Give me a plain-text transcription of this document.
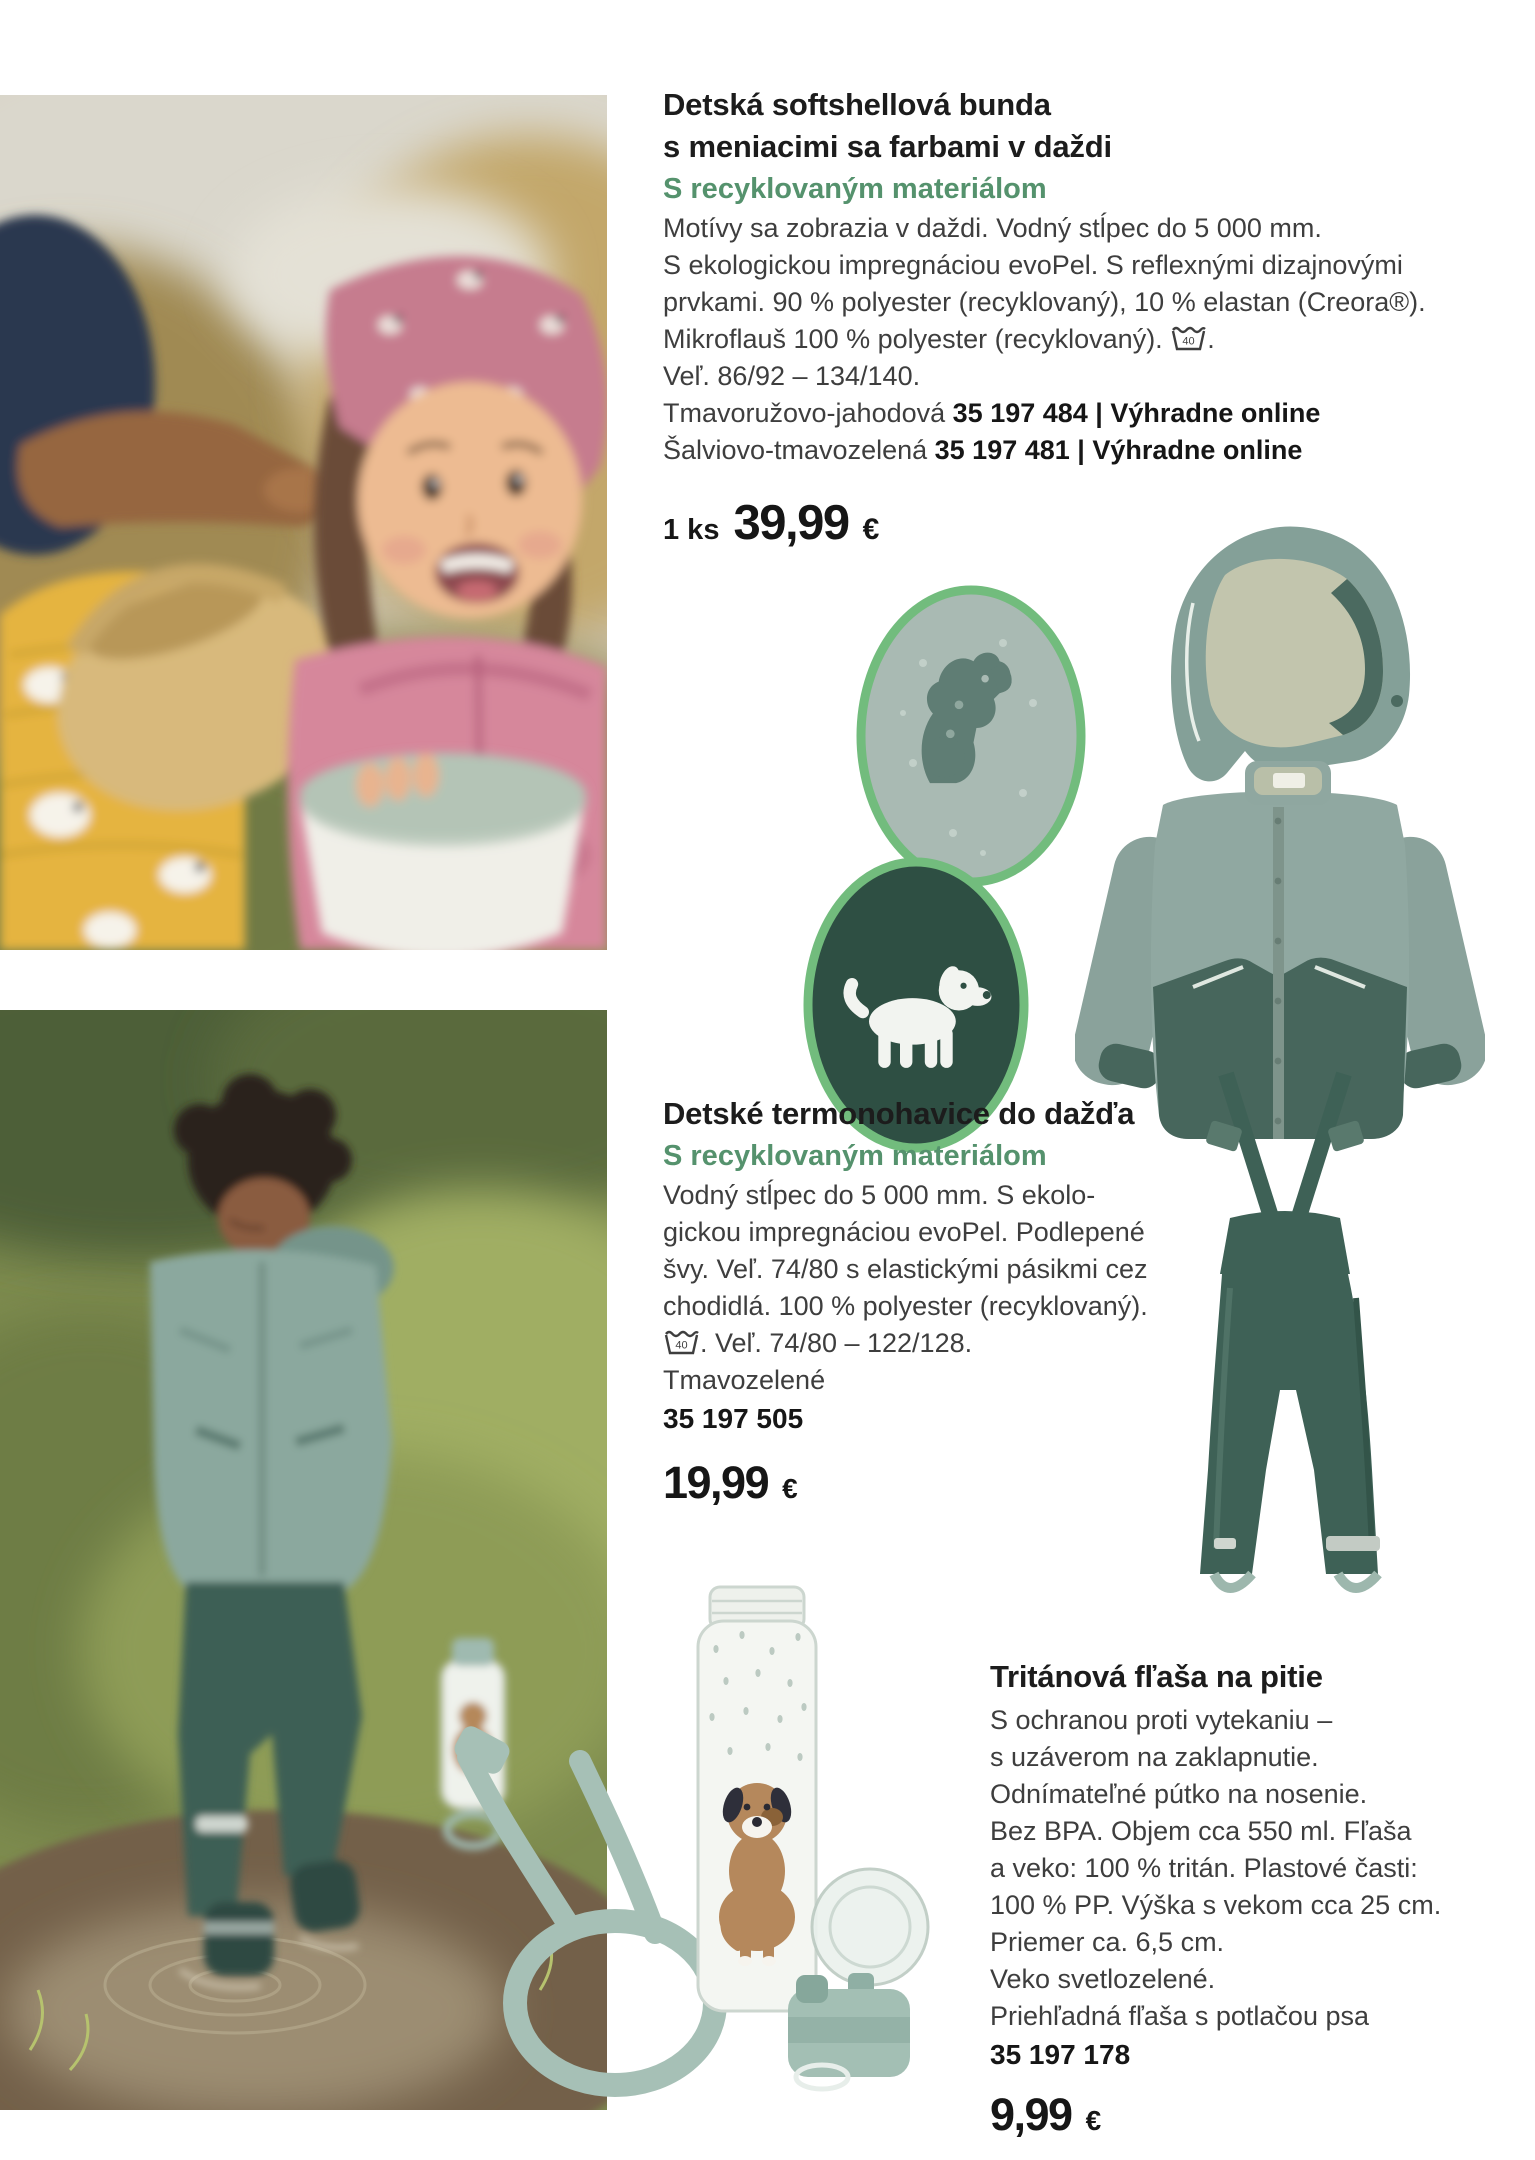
Detská softshellová bunda
s meniacimi sa farbami v daždi
S recyklovaným materiálom
Motívy sa zobrazia v daždi. Vodný stĺpec do 5 000 mm.
S ekologickou impregnáciou evoPel. S reflexnými dizajnovými
prvkami. 90 % polyester (recyklovaný), 10 % elastan (Creora®).
Mikroflauš 100 % polyester (recyklovaný). 40 .
Veľ. 86/92 – 134/140.
Tmavoružovo-jahodová 35 197 484 | Výhradne online
Šalviovo-tmavozelená 35 197 481 | Výhradne online
1 ks 39,99 €
Detské termonohavice do dažďa
S recyklovaným materiálom
Vodný stĺpec do 5 000 mm. S ekolo-
gickou impregnáciou evoPel. Podlepené
švy. Veľ. 74/80 s elastickými pásikmi cez
chodidlá. 100 % polyester (recyklovaný).
40 . Veľ. 74/80 – 122/128.
Tmavozelené
35 197 505
19,99 €
Tritánová fľaša na pitie
S ochranou proti vytekaniu –
s uzáverom na zaklapnutie.
Odnímateľné pútko na nosenie.
Bez BPA. Objem cca 550 ml. Fľaša
a veko: 100 % tritán. Plastové časti:
100 % PP. Výška s vekom cca 25 cm.
Priemer ca. 6,5 cm.
Veko svetlozelené.
Priehľadná fľaša s potlačou psa
35 197 178
9,99 €
